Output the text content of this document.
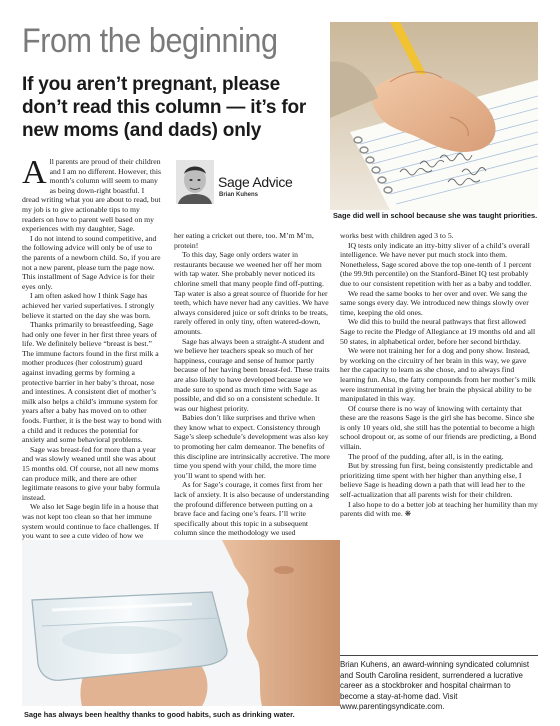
From the beginning
If you aren’t pregnant, please don’t read this column — it’s for new moms (and dads) only
Sage did well in school because she was taught priorities.
Sage Advice
Brian Kuhens

All parents are proud of their children and I am no different. However, this month’s column will seem to many as being down-right boastful. I dread writing what you are about to read, but my job is to give actionable tips to my readers on how to parent well based on my experiences with my daughter, Sage.

I do not intend to sound competitive, and the following advice will only be of use to the parents of a newborn child. So, if you are not a new parent, please turn the page now. This installment of Sage Advice is for their eyes only.

I am often asked how I think Sage has achieved her varied superlatives. I strongly believe it started on the day she was born.

Thanks primarily to breastfeeding, Sage had only one fever in her first three years of life. We definitely believe “breast is best.” The immune factors found in the first milk a mother produces (her colostrum) guard against invading germs by forming a protective barrier in her baby’s throat, nose and intestines. A consistent diet of mother’s milk also helps a child’s immune system for years after a baby has moved on to other foods. Further, it is the best way to bond with a child and it reduces the potential for anxiety and some behavioral problems.

Sage was breast-fed for more than a year and was slowly weaned until she was about 15 months old. Of course, not all new moms can produce milk, and there are other legitimate reasons to give your baby formula instead.

We also let Sage begin life in a house that was not kept too clean so that her immune system would continue to face challenges. If you want to see a cute video of how we

her eating a cricket out there, too. M’m M’m, protein!

To this day, Sage only orders water in restaurants because we weened her off her mom with tap water. She probably never noticed its chlorine smell that many people find off-putting. Tap water is also a great source of fluoride for her teeth, which have never had any cavities. We have always considered juice or soft drinks to be treats, rarely offered in only tiny, often watered-down, amounts.

Sage has always been a straight-A student and we believe her teachers speak so much of her happiness, courage and sense of humor partly because of her having been breast-fed. These traits are also likely to have developed because we made sure to spend as much time with Sage as possible, and did so on a consistent schedule. It was our highest priority.

Babies don’t like surprises and thrive when they know what to expect. Consistency through Sage’s sleep schedule’s development was also key to promoting her calm demeanor. The benefits of this discipline are intrinsically accretive. The more time you spend with your child, the more time you’ll want to spend with her.

As for Sage’s courage, it comes first from her lack of anxiety. It is also because of understanding the profound difference between putting on a brave face and facing one’s fears. I’ll write specifically about this topic in a subsequent column since the methodology we used

works best with children aged 3 to 5.

IQ tests only indicate an itty-bitty sliver of a child’s overall intelligence. We have never put much stock into them. Nonetheless, Sage scored above the top one-tenth of 1 percent (the 99.9th percentile) on the Stanford-Binet IQ test probably due to our consistent repetition with her as a baby and toddler.

We read the same books to her over and over. We sang the same songs every day. We introduced new things slowly over time, keeping the old ones.

We did this to build the neural pathways that first allowed Sage to recite the Pledge of Allegiance at 19 months old and all 50 states, in alphabetical order, before her second birthday.

We were not training her for a dog and pony show. Instead, by working on the circuitry of her brain in this way, we gave her the capacity to learn as she chose, and to always find learning fun. Also, the fatty compounds from her mother’s milk were instrumental in giving her brain the physical ability to be manipulated in this way.

Of course there is no way of knowing with certainty that these are the reasons Sage is the girl she has become. Since she is only 10 years old, she still has the potential to become a high school dropout or, as some of our friends are predicting, a Bond villain.

The proof of the pudding, after all, is in the eating.

But by stressing fun first, being consistently predictable and prioritizing time spent with her higher than anything else, I believe Sage is heading down a path that will lead her to the self-actualization that all parents wish for their children.

I also hope to do a better job at teaching her humility than my parents did with me. ❋

Sage has always been healthy thanks to good habits, such as drinking water.
Brian Kuhens, an award-winning syndicated columnist and South Carolina resident, surrendered a lucrative career as a stockbroker and hospital chairman to become a stay-at-home dad. Visit www.parentingsyndicate.com.
